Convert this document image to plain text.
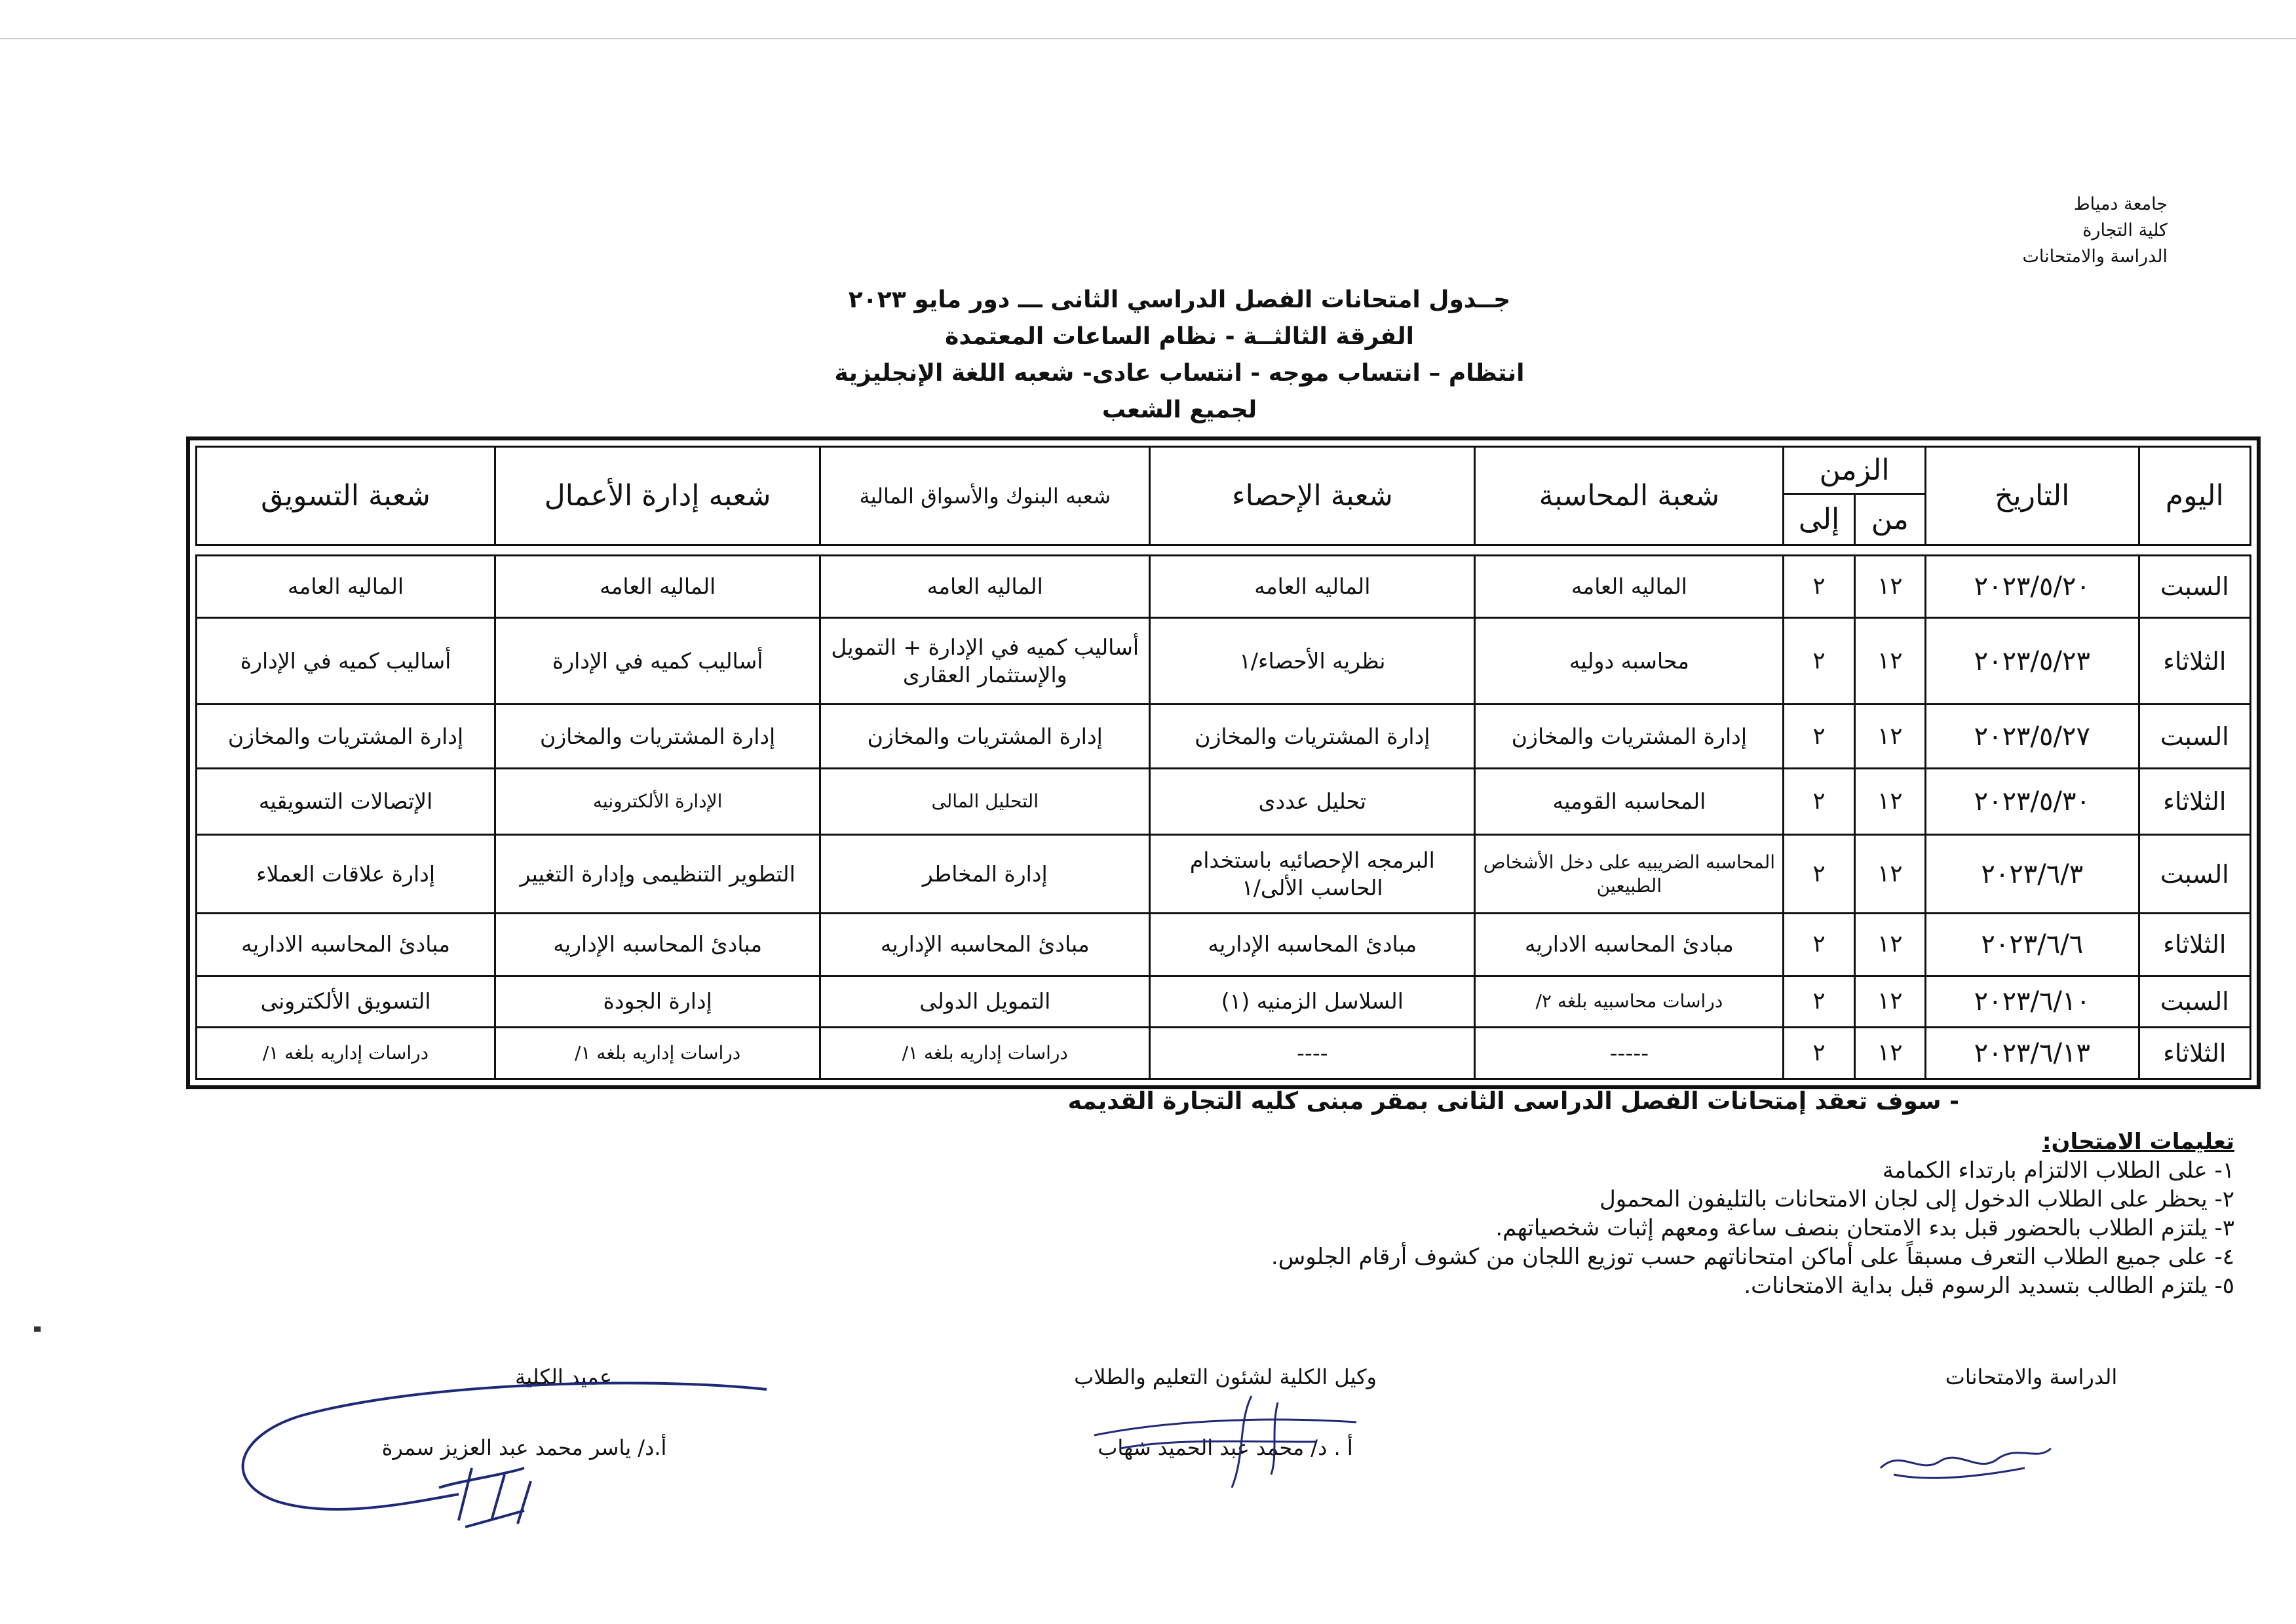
جامعة دمياط
كلية التجارة
الدراسة والامتحانات
جــدول امتحانات الفصل الدراسي الثانى ـــ دور مايو ٢٠٢٣
الفرقة الثالثــة - نظام الساعات المعتمدة
انتظام – انتساب موجه - انتساب عادى- شعبه اللغة الإنجليزية
لجميع الشعب
اليوم	التاريخ	الزمن		شعبة المحاسبة	شعبة الإحصاء	شعبه البنوك والأسواق المالية	شعبه إدارة الأعمال	شعبة التسويق
		من	إلى					

السبت	٢٠٢٣/٥/٢٠	١٢	٢	الماليه العامه	الماليه العامه	الماليه العامه	الماليه العامه	الماليه العامه
الثلاثاء	٢٠٢٣/٥/٢٣	١٢	٢	محاسبه دوليه	نظريه الأحصاء/١	أساليب كميه في الإدارة + التمويل والإستثمار العقارى	أساليب كميه في الإدارة	أساليب كميه في الإدارة
السبت	٢٠٢٣/٥/٢٧	١٢	٢	إدارة المشتريات والمخازن	إدارة المشتريات والمخازن	إدارة المشتريات والمخازن	إدارة المشتريات والمخازن	إدارة المشتريات والمخازن
الثلاثاء	٢٠٢٣/٥/٣٠	١٢	٢	المحاسبه القوميه	تحليل عددى	التحليل المالى	الإدارة الألكترونيه	الإتصالات التسويقيه
السبت	٢٠٢٣/٦/٣	١٢	٢	المحاسبه الضريبيه على دخل الأشخاص الطبيعين	البرمجه الإحصائيه باستخدام الحاسب الألى/١	إدارة المخاطر	التطوير التنظيمى وإدارة التغيير	إدارة علاقات العملاء
الثلاثاء	٢٠٢٣/٦/٦	١٢	٢	مبادئ المحاسبه الاداريه	مبادئ المحاسبه الإداريه	مبادئ المحاسبه الإداريه	مبادئ المحاسبه الإداريه	مبادئ المحاسبه الاداريه
السبت	٢٠٢٣/٦/١٠	١٢	٢	دراسات محاسبيه بلغه ٢/	السلاسل الزمنيه (١)	التمويل الدولى	إدارة الجودة	التسويق الألكترونى
الثلاثاء	٢٠٢٣/٦/١٣	١٢	٢	-----	----	دراسات إداريه بلغه ١/	دراسات إداريه بلغه ١/	دراسات إداريه بلغه ١/
- سوف تعقد إمتحانات الفصل الدراسى الثانى بمقر مبنى كليه التجارة القديمه
تعليمات الامتحان:
١- على الطلاب الالتزام بارتداء الكمامة
٢- يحظر على الطلاب الدخول إلى لجان الامتحانات بالتليفون المحمول
٣- يلتزم الطلاب بالحضور قبل بدء الامتحان بنصف ساعة ومعهم إثبات شخصياتهم.
٤- على جميع الطلاب التعرف مسبقاً على أماكن امتحاناتهم حسب توزيع اللجان من كشوف أرقام الجلوس.
٥- يلتزم الطالب بتسديد الرسوم قبل بداية الامتحانات.
الدراسة والامتحانات
وكيل الكلية لشئون التعليم والطلاب
أ . د/ محمد عبد الحميد شهاب
عميد الكلية
أ.د/ ياسر محمد عبد العزيز سمرة
